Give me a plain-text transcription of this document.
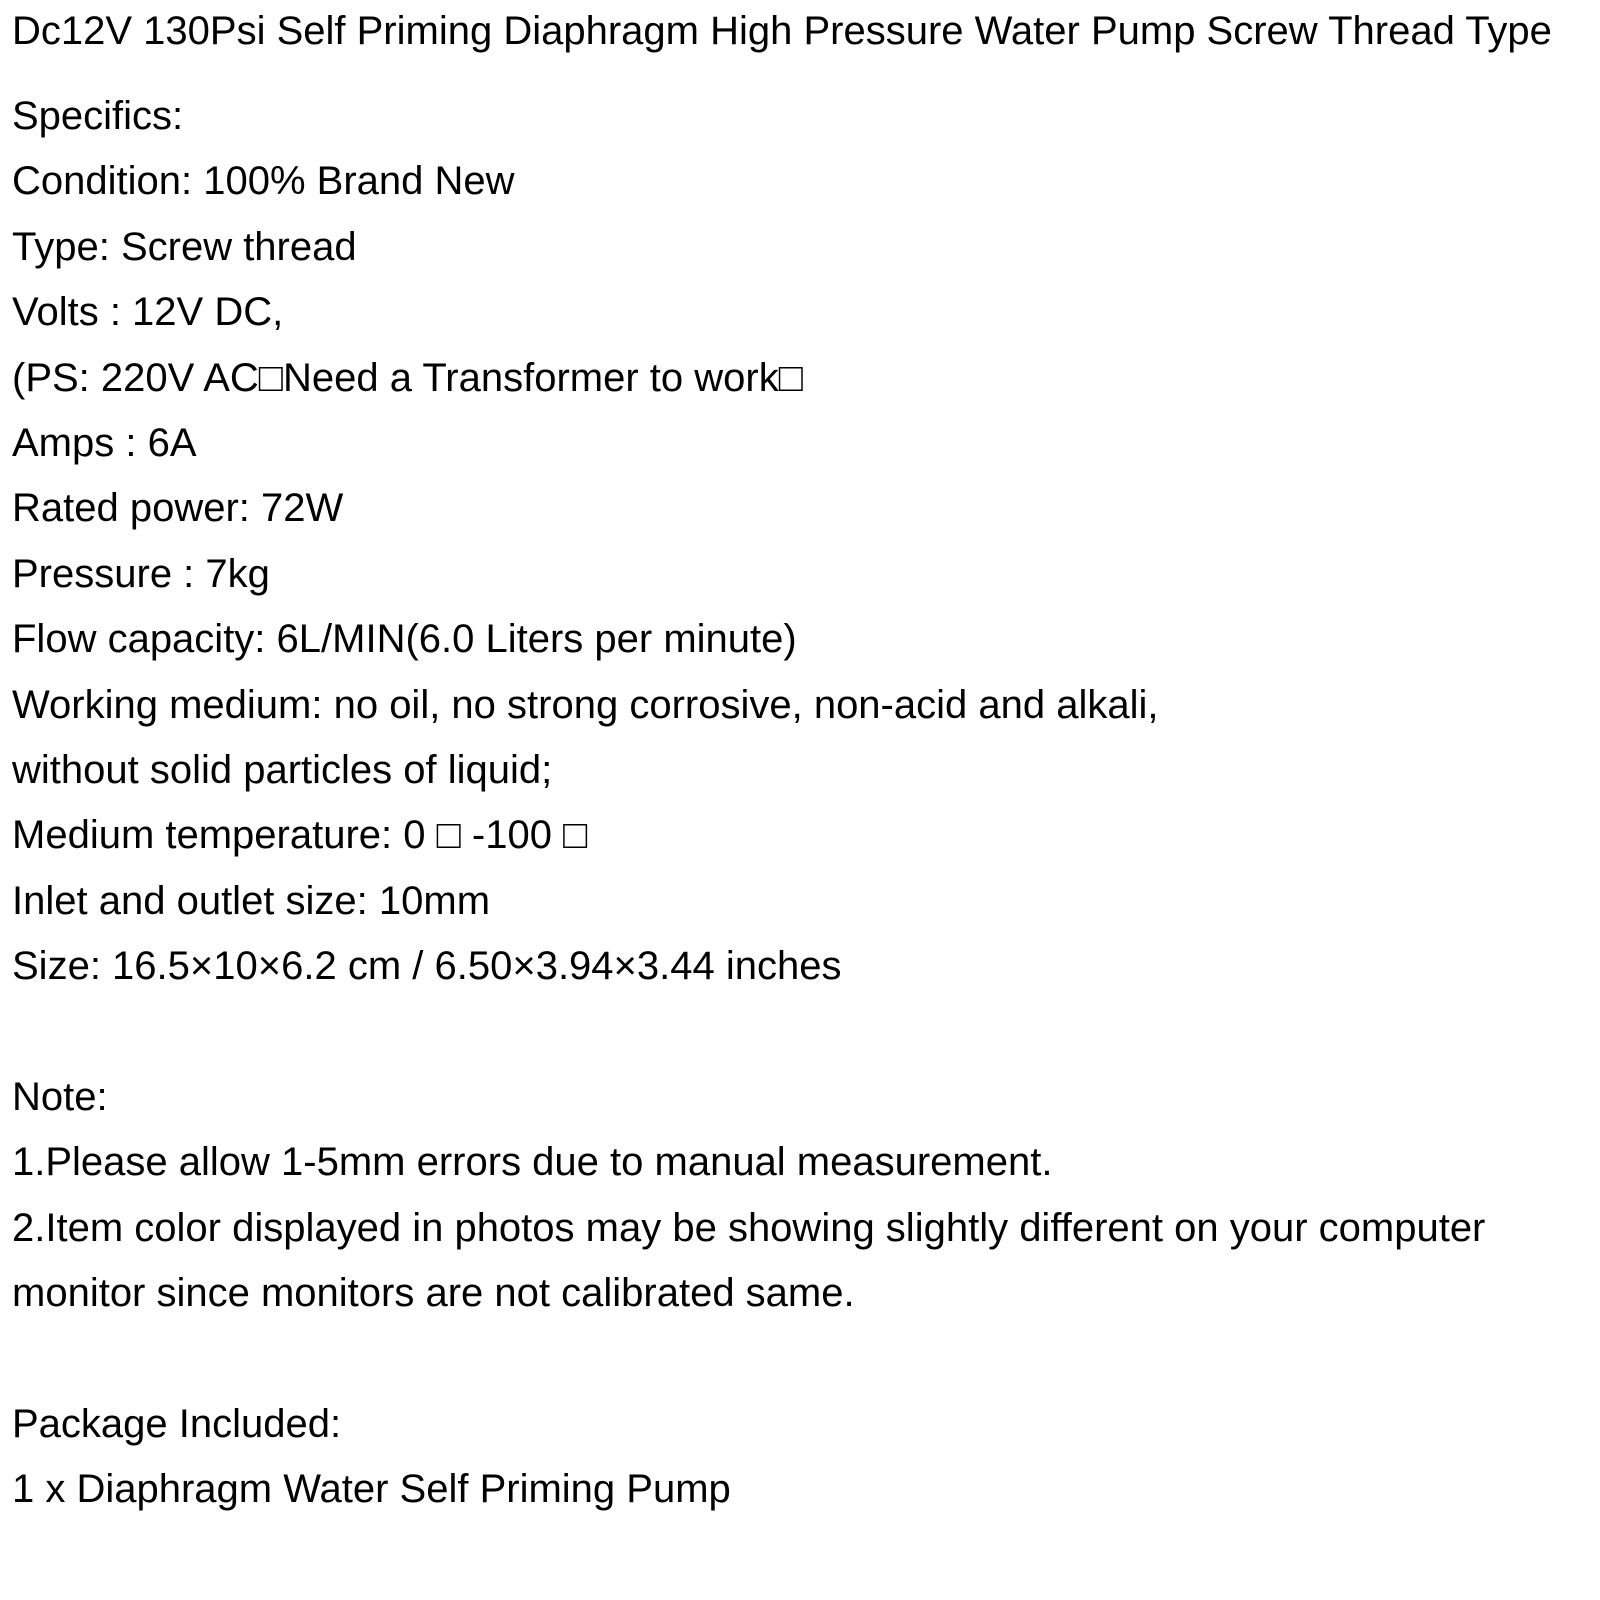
Dc12V 130Psi Self Priming Diaphragm High Pressure Water Pump Screw Thread Type
Specifics:
Condition: 100% Brand New
Type: Screw thread
Volts : 12V DC,
(PS: 220V AC□Need a Transformer to work□
Amps : 6A
Rated power: 72W
Pressure : 7kg
Flow capacity: 6L/MIN(6.0 Liters per minute)
Working medium: no oil, no strong corrosive, non-acid and alkali,
without solid particles of liquid;
Medium temperature: 0 □ -100 □
Inlet and outlet size: 10mm
Size: 16.5×10×6.2 cm / 6.50×3.94×3.44 inches
Note:
1.Please allow 1-5mm errors due to manual measurement.
2.Item color displayed in photos may be showing slightly different on your computer
monitor since monitors are not calibrated same.
Package Included:
1 x Diaphragm Water Self Priming Pump
